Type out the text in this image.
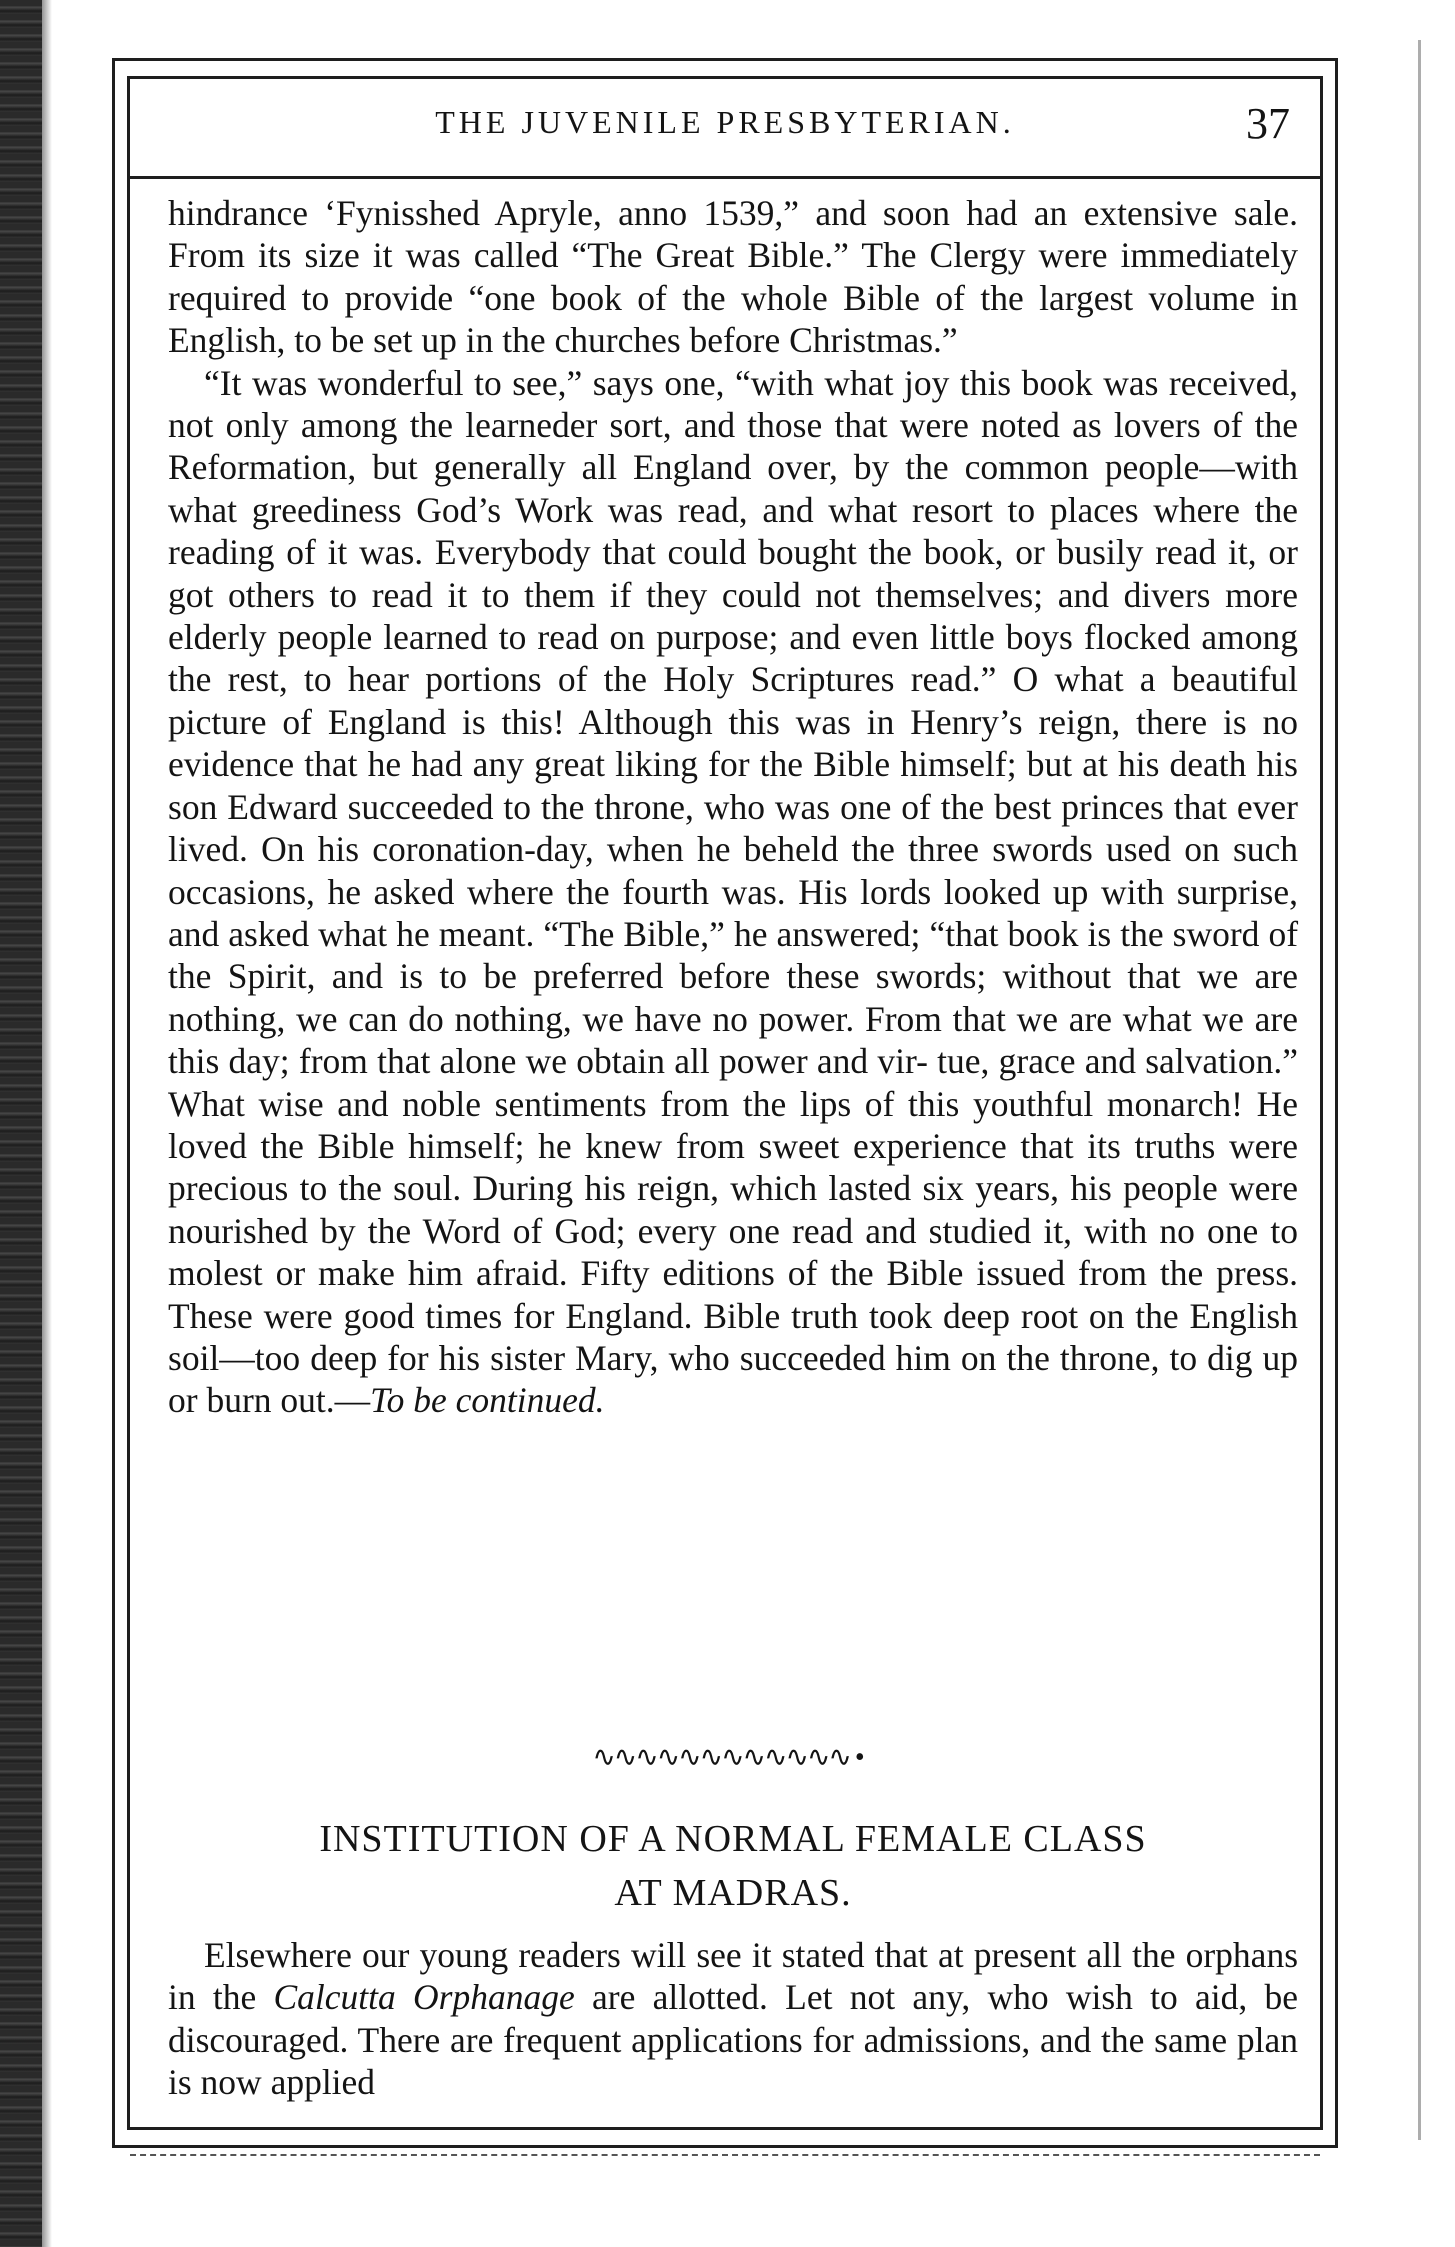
THE JUVENILE PRESBYTERIAN.	37

hindrance ‘Fynisshed Apryle, anno 1539,” and soon had an extensive sale. From its size it was called “The Great Bible.” The Clergy were immediately required to provide “one book of the whole Bible of the largest volume in English, to be set up in the churches before Christmas.”

“It was wonderful to see,” says one, “with what joy this book was received, not only among the learneder sort, and those that were noted as lovers of the Reformation, but generally all England over, by the common people—with what greediness God’s Work was read, and what resort to places where the reading of it was. Everybody that could bought the book, or busily read it, or got others to read it to them if they could not themselves; and divers more elderly people learned to read on purpose; and even little boys flocked among the rest, to hear portions of the Holy Scriptures read.” O what a beautiful picture of England is this! Although this was in Henry’s reign, there is no evidence that he had any great liking for the Bible himself; but at his death his son Edward succeeded to the throne, who was one of the best princes that ever lived. On his coronation-day, when he beheld the three swords used on such occasions, he asked where the fourth was. His lords looked up with surprise, and asked what he meant. “The Bible,” he answered; “that book is the sword of the Spirit, and is to be preferred before these swords; without that we are nothing, we can do nothing, we have no power. From that we are what we are this day; from that alone we obtain all power and vir- tue, grace and salvation.” What wise and noble sentiments from the lips of this youthful monarch! He loved the Bible himself; he knew from sweet experience that its truths were precious to the soul. During his reign, which lasted six years, his people were nourished by the Word of God; every one read and studied it, with no one to molest or make him afraid. Fifty editions of the Bible issued from the press. These were good times for England. Bible truth took deep root on the English soil—too deep for his sister Mary, who succeeded him on the throne, to dig up or burn out.—To be continued.

∿∿∿∿∿∿∿∿∿∿∿∿ •
INSTITUTION OF A NORMAL FEMALE CLASS
AT MADRAS.

Elsewhere our young readers will see it stated that at present all the orphans in the Calcutta Orphanage are allotted. Let not any, who wish to aid, be discouraged. There are frequent applications for admissions, and the same plan is now applied
